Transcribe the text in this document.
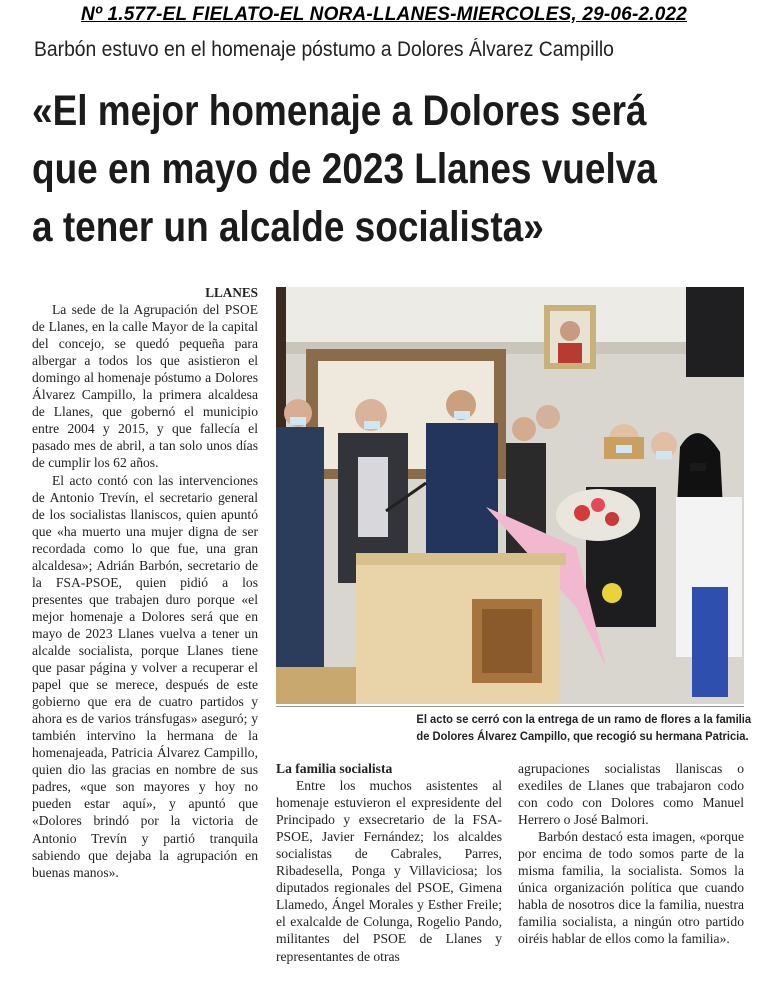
Nº 1.577-EL FIELATO-EL NORA-LLANES-MIERCOLES, 29-06-2.022
Barbón estuvo en el homenaje póstumo a Dolores Álvarez Campillo
«El mejor homenaje a Dolores será
que en mayo de 2023 Llanes vuelva
a tener un alcalde socialista»

LLANES

La sede de la Agrupación del PSOE de Llanes, en la calle Mayor de la capital del concejo, se quedó pequeña para albergar a todos los que asistieron el domingo al homenaje póstumo a Dolores Álvarez Campillo, la primera alcaldesa de Llanes, que gobernó el municipio entre 2004 y 2015, y que fallecía el pasado mes de abril, a tan solo unos días de cumplir los 62 años.

El acto contó con las intervenciones de Antonio Trevín, el secretario general de los socialistas llaniscos, quien apuntó que «ha muerto una mujer digna de ser recordada como lo que fue, una gran alcaldesa»; Adrián Barbón, secretario de la FSA-PSOE, quien pidió a los presentes que trabajen duro porque «el mejor homenaje a Dolores será que en mayo de 2023 Llanes vuelva a tener un alcalde socialista, porque Llanes tiene que pasar página y volver a recuperar el papel que se merece, después de este gobierno que era de cuatro partidos y ahora es de varios tránsfugas» aseguró; y también intervino la hermana de la homenajeada, Patricia Álvarez Campillo, quien dio las gracias en nombre de sus padres, «que son mayores y hoy no pueden estar aquí», y apuntó que «Dolores brindó por la victoria de Antonio Trevín y partió tranquila sabiendo que dejaba la agrupación en buenas manos».

El acto se cerró con la entrega de un ramo de flores a la familia
de Dolores Álvarez Campillo, que recogió su hermana Patricia.

La familia socialista

Entre los muchos asistentes al homenaje estuvieron el expresidente del Principado y exsecretario de la FSA-PSOE, Javier Fernández; los alcaldes socialistas de Cabrales, Parres, Ribadesella, Ponga y Villaviciosa; los diputados regionales del PSOE, Gimena Llamedo, Ángel Morales y Esther Freile; el exalcalde de Colunga, Rogelio Pando, militantes del PSOE de Llanes y representantes de otras

agrupaciones socialistas llaniscas o exediles de Llanes que trabajaron codo con codo con Dolores como Manuel Herrero o José Balmori.

Barbón destacó esta imagen, «porque por encima de todo somos parte de la misma familia, la socialista. Somos la única organización política que cuando habla de nosotros dice la familia, nuestra familia socialista, a ningún otro partido oiréis hablar de ellos como la familia».
